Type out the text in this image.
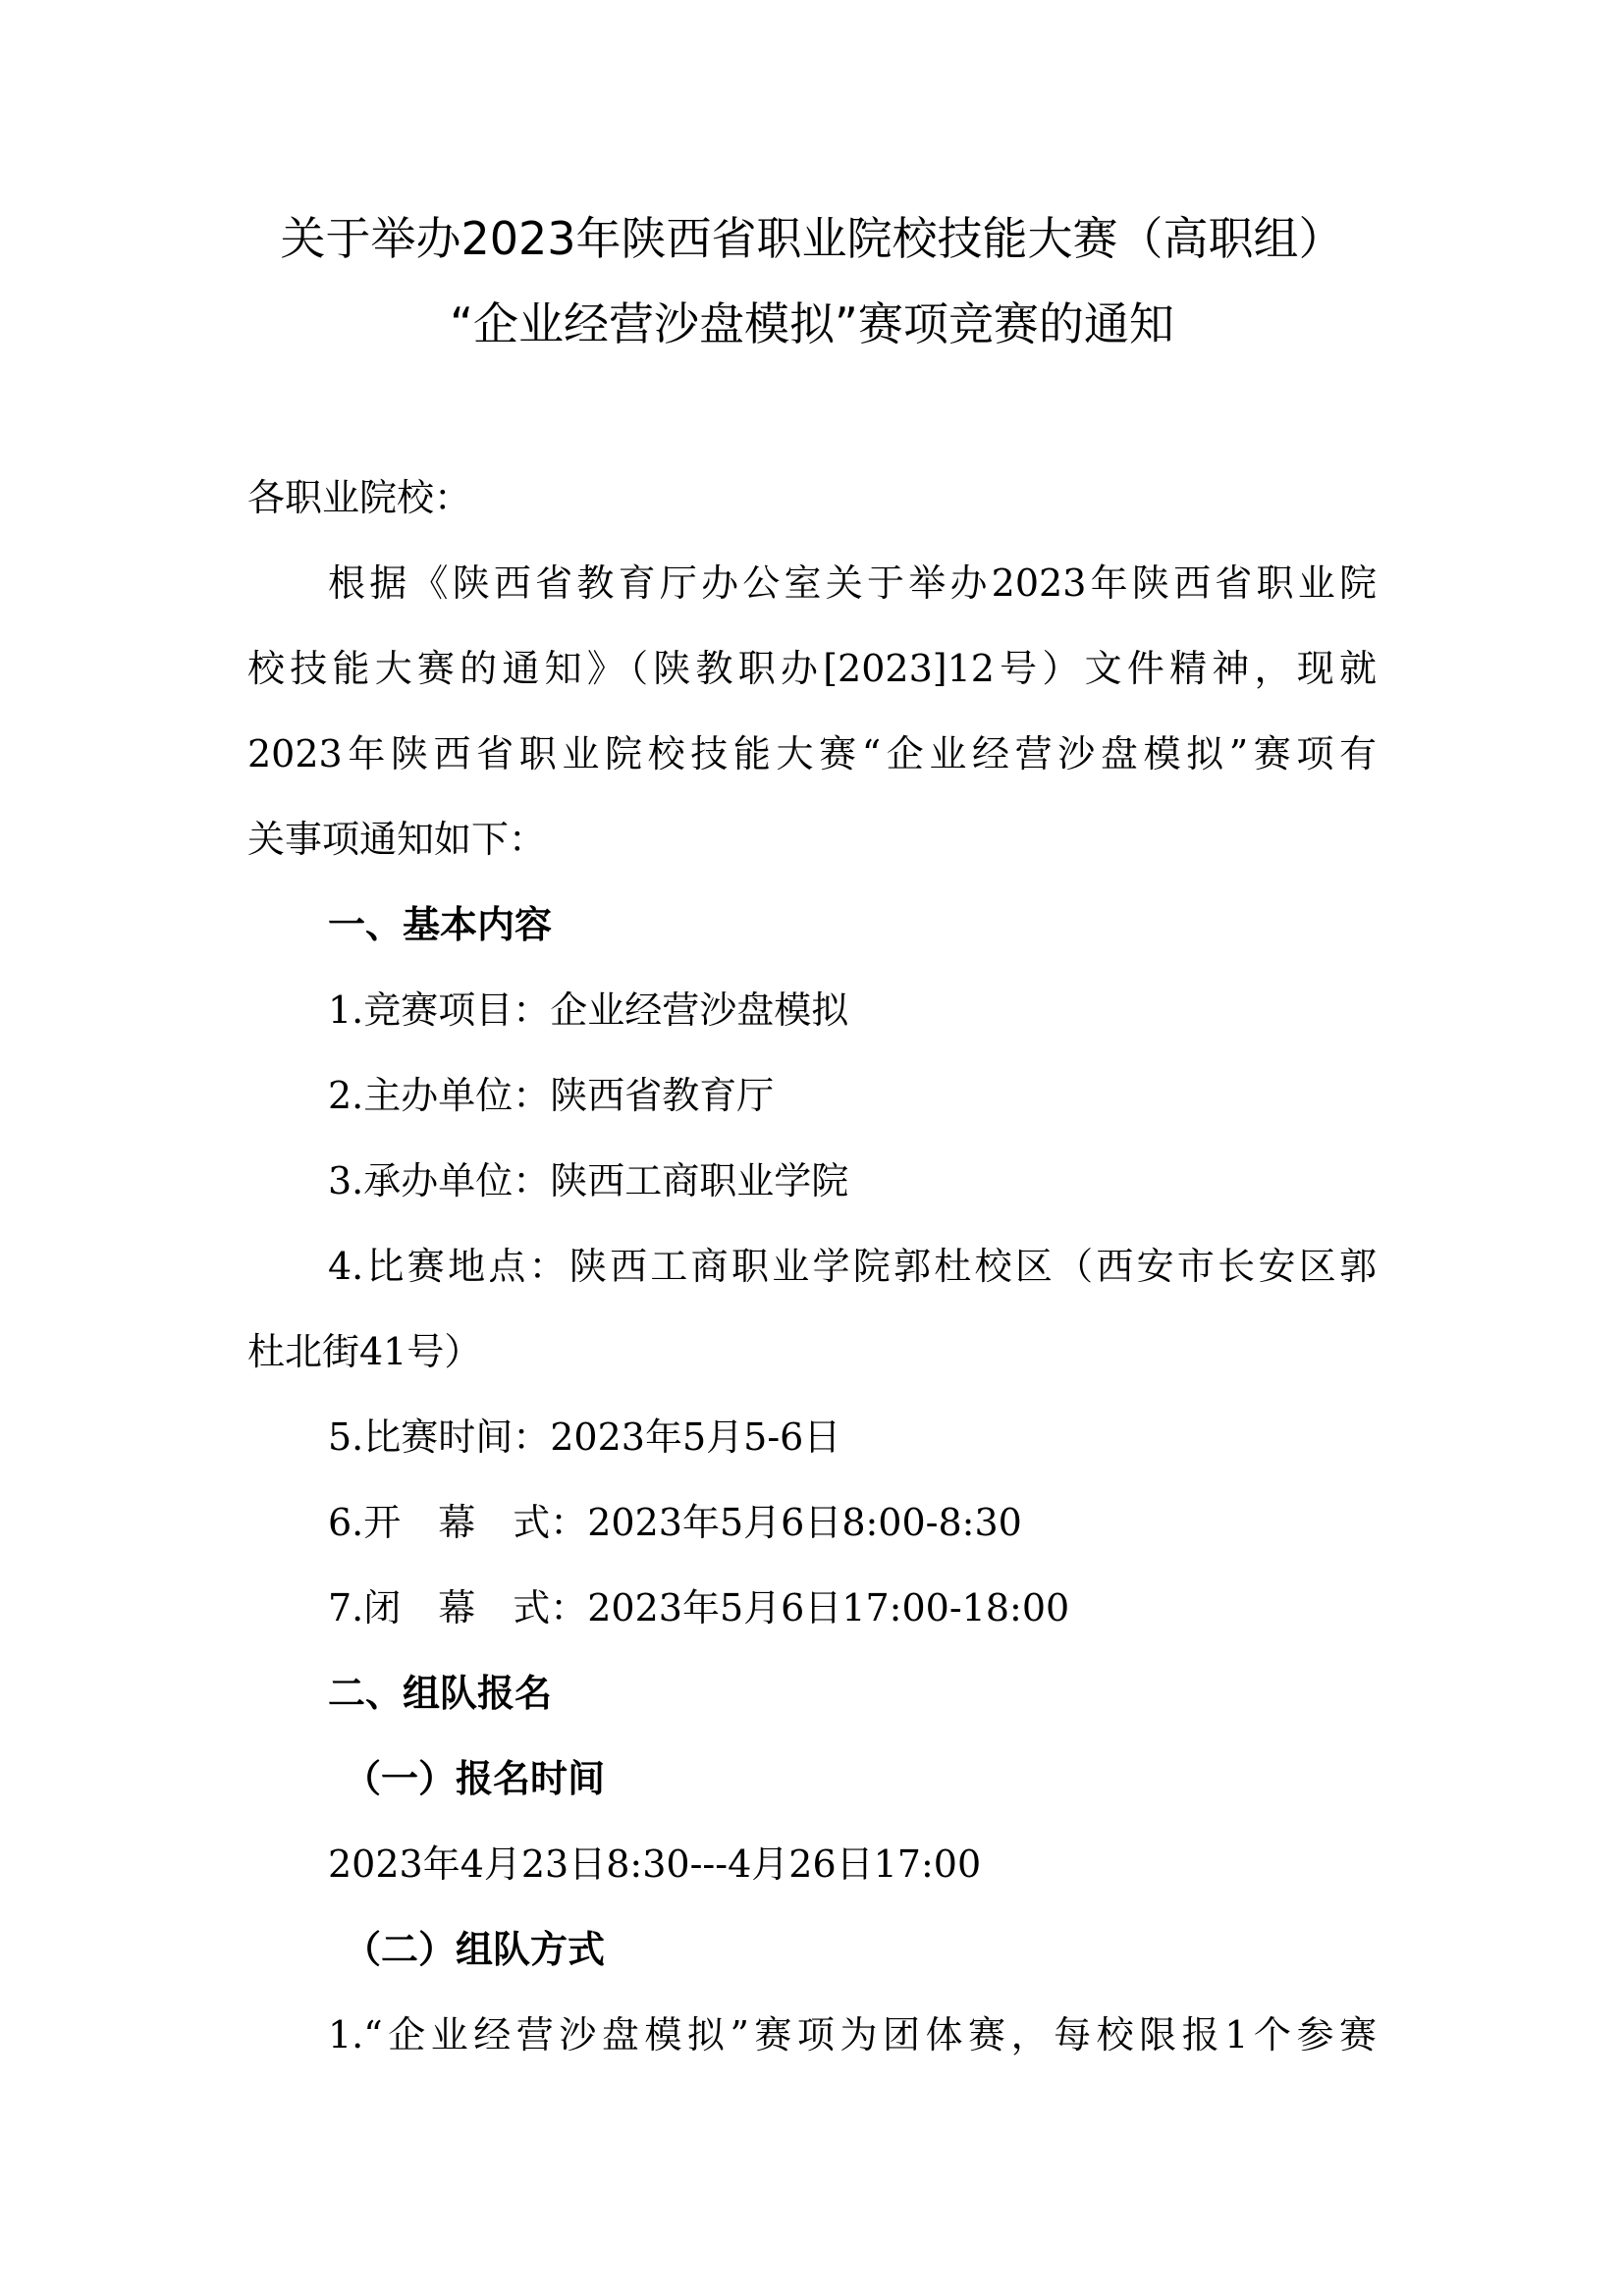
关于举办2023年陕西省职业院校技能大赛（高职组）
“企业经营沙盘模拟”赛项竞赛的通知
各职业院校：
根据《陕西省教育厅办公室关于举办2023年陕西省职业院
校技能大赛的通知》（陕教职办[2023]12号）文件精神，现就
2023年陕西省职业院校技能大赛“企业经营沙盘模拟”赛项有
关事项通知如下：
一、基本内容
1.竞赛项目：企业经营沙盘模拟
2.主办单位：陕西省教育厅
3.承办单位：陕西工商职业学院
4.比赛地点：陕西工商职业学院郭杜校区（西安市长安区郭
杜北街41号）
5.比赛时间：2023年5月5-6日
6.开　幕　式：2023年5月6日8:00-8:30
7.闭　幕　式：2023年5月6日17:00-18:00
二、组队报名
（一）报名时间
2023年4月23日8:30---4月26日17:00
（二）组队方式
1.“企业经营沙盘模拟”赛项为团体赛，每校限报1个参赛
